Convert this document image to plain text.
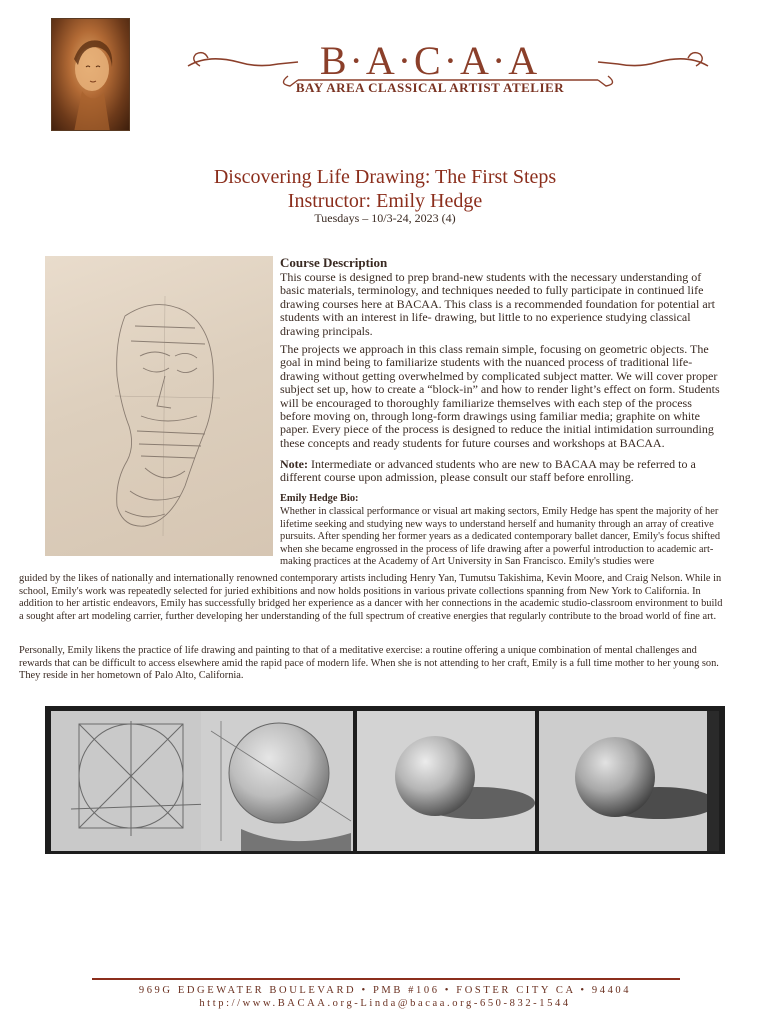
B·A·C·A·A
BAY AREA CLASSICAL ARTIST ATELIER
Discovering Life Drawing: The First Steps
Instructor: Emily Hedge
Tuesdays – 10/3-24, 2023 (4)
Course Description
This course is designed to prep brand-new students with the necessary understanding of basic materials, terminology, and techniques needed to fully participate in continued life drawing courses here at BACAA. This class is a recommended foundation for potential art students with an interest in life- drawing, but little to no experience studying classical drawing principals.
The projects we approach in this class remain simple, focusing on geometric objects. The goal in mind being to familiarize students with the nuanced process of traditional life-drawing without getting overwhelmed by complicated subject matter. We will cover proper subject set up, how to create a “block-in” and how to render light’s effect on form. Students will be encouraged to thoroughly familiarize themselves with each step of the process before moving on, through long-form drawings using familiar media; graphite on white paper. Every piece of the process is designed to reduce the initial intimidation surrounding these concepts and ready students for future courses and workshops at BACAA.
Note: Intermediate or advanced students who are new to BACAA may be referred to a different course upon admission, please consult our staff before enrolling.
Emily Hedge Bio:
Whether in classical performance or visual art making sectors, Emily Hedge has spent the majority of her lifetime seeking and studying new ways to understand herself and humanity through an array of creative pursuits. After spending her former years as a dedicated contemporary ballet dancer, Emily's focus shifted when she became engrossed in the process of life drawing after a powerful introduction to academic art-making practices at the Academy of Art University in San Francisco. Emily's studies were
guided by the likes of nationally and internationally renowned contemporary artists including Henry Yan, Tumutsu Takishima, Kevin Moore, and Craig Nelson. While in school, Emily's work was repeatedly selected for juried exhibitions and now holds positions in various private collections spanning from New York to California. In addition to her artistic endeavors, Emily has successfully bridged her experience as a dancer with her connections in the academic studio-classroom environment to build a sought after art modeling carrier, further developing her understanding of the full spectrum of creative energies that regularly contribute to the broad world of fine art.
Personally, Emily likens the practice of life drawing and painting to that of a meditative exercise: a routine offering a unique combination of mental challenges and rewards that can be difficult to access elsewhere amid the rapid pace of modern life. When she is not attending to her craft, Emily is a full time mother to her young son. They reside in her hometown of Palo Alto, California.
969G EDGEWATER BOULEVARD • PMB #106 • FOSTER CITY CA • 94404
http://www.BACAA.org-Linda@bacaa.org-650-832-1544
